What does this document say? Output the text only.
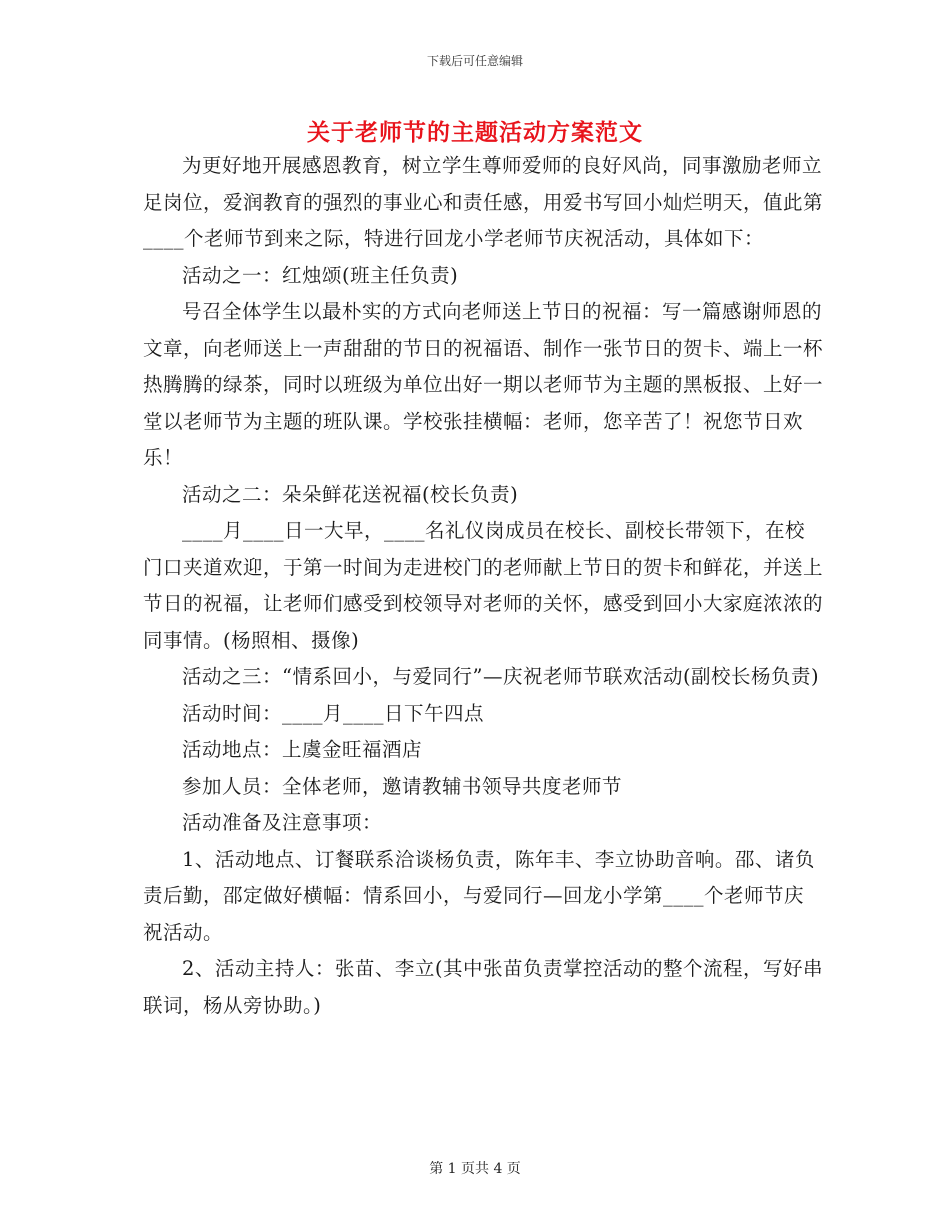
下载后可任意编辑
关于老师节的主题活动方案范文

为更好地开展感恩教育，树立学生尊师爱师的良好风尚，同事激励老师立足岗位，爱润教育的强烈的事业心和责任感，用爱书写回小灿烂明天，值此第____个老师节到来之际，特进行回龙小学老师节庆祝活动，具体如下：

活动之一：红烛颂(班主任负责)

号召全体学生以最朴实的方式向老师送上节日的祝福：写一篇感谢师恩的文章，向老师送上一声甜甜的节日的祝福语、制作一张节日的贺卡、端上一杯热腾腾的绿茶，同时以班级为单位出好一期以老师节为主题的黑板报、上好一堂以老师节为主题的班队课。学校张挂横幅：老师，您辛苦了！祝您节日欢乐！

活动之二：朵朵鲜花送祝福(校长负责)

____月____日一大早，____名礼仪岗成员在校长、副校长带领下，在校门口夹道欢迎，于第一时间为走进校门的老师献上节日的贺卡和鲜花，并送上节日的祝福，让老师们感受到校领导对老师的关怀，感受到回小大家庭浓浓的同事情。(杨照相、摄像)

活动之三：“情系回小，与爱同行”—庆祝老师节联欢活动(副校长杨负责)

活动时间：____月____日下午四点

活动地点：上虞金旺福酒店

参加人员：全体老师，邀请教辅书领导共度老师节

活动准备及注意事项：

1、活动地点、订餐联系洽谈杨负责，陈年丰、李立协助音响。邵、诸负责后勤，邵定做好横幅：情系回小，与爱同行—回龙小学第____个老师节庆祝活动。

2、活动主持人：张苗、李立(其中张苗负责掌控活动的整个流程，写好串联词，杨从旁协助。)

第 1 页共 4 页
